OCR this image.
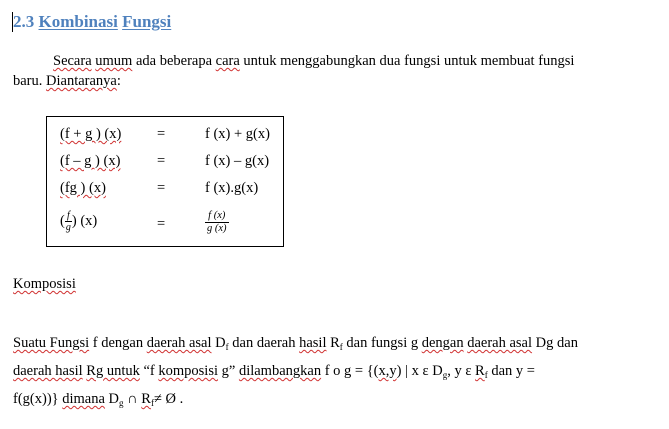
2.3 Kombinasi Fungsi
Secara umum ada beberapa cara untuk menggabungkan dua fungsi untuk membuat fungsi
baru. Diantaranya:
(f + g ) (x) =	f (x) + g(x)
(f – g ) (x)	=	f (x) – g(x)
(fg ) (x)	=	f (x).g(x)
( $\frac{f}{g}$ ) (x)	=	$\frac{f (x)}{g (x)}$
Komposisi
Suatu Fungsi f dengan daerah asal $D_f$ dan daerah hasil $R_f$ dan fungsi g dengan daerah asal Dg dan
daerah hasil Rg untuk “f komposisi g” dilambangkan f o g = {(x,y) | x ε $D_g$, y ε $R_f$ dan y =
f(g(x))} dimana $D_g$ ∩ $R_f\ne$ Ø .
